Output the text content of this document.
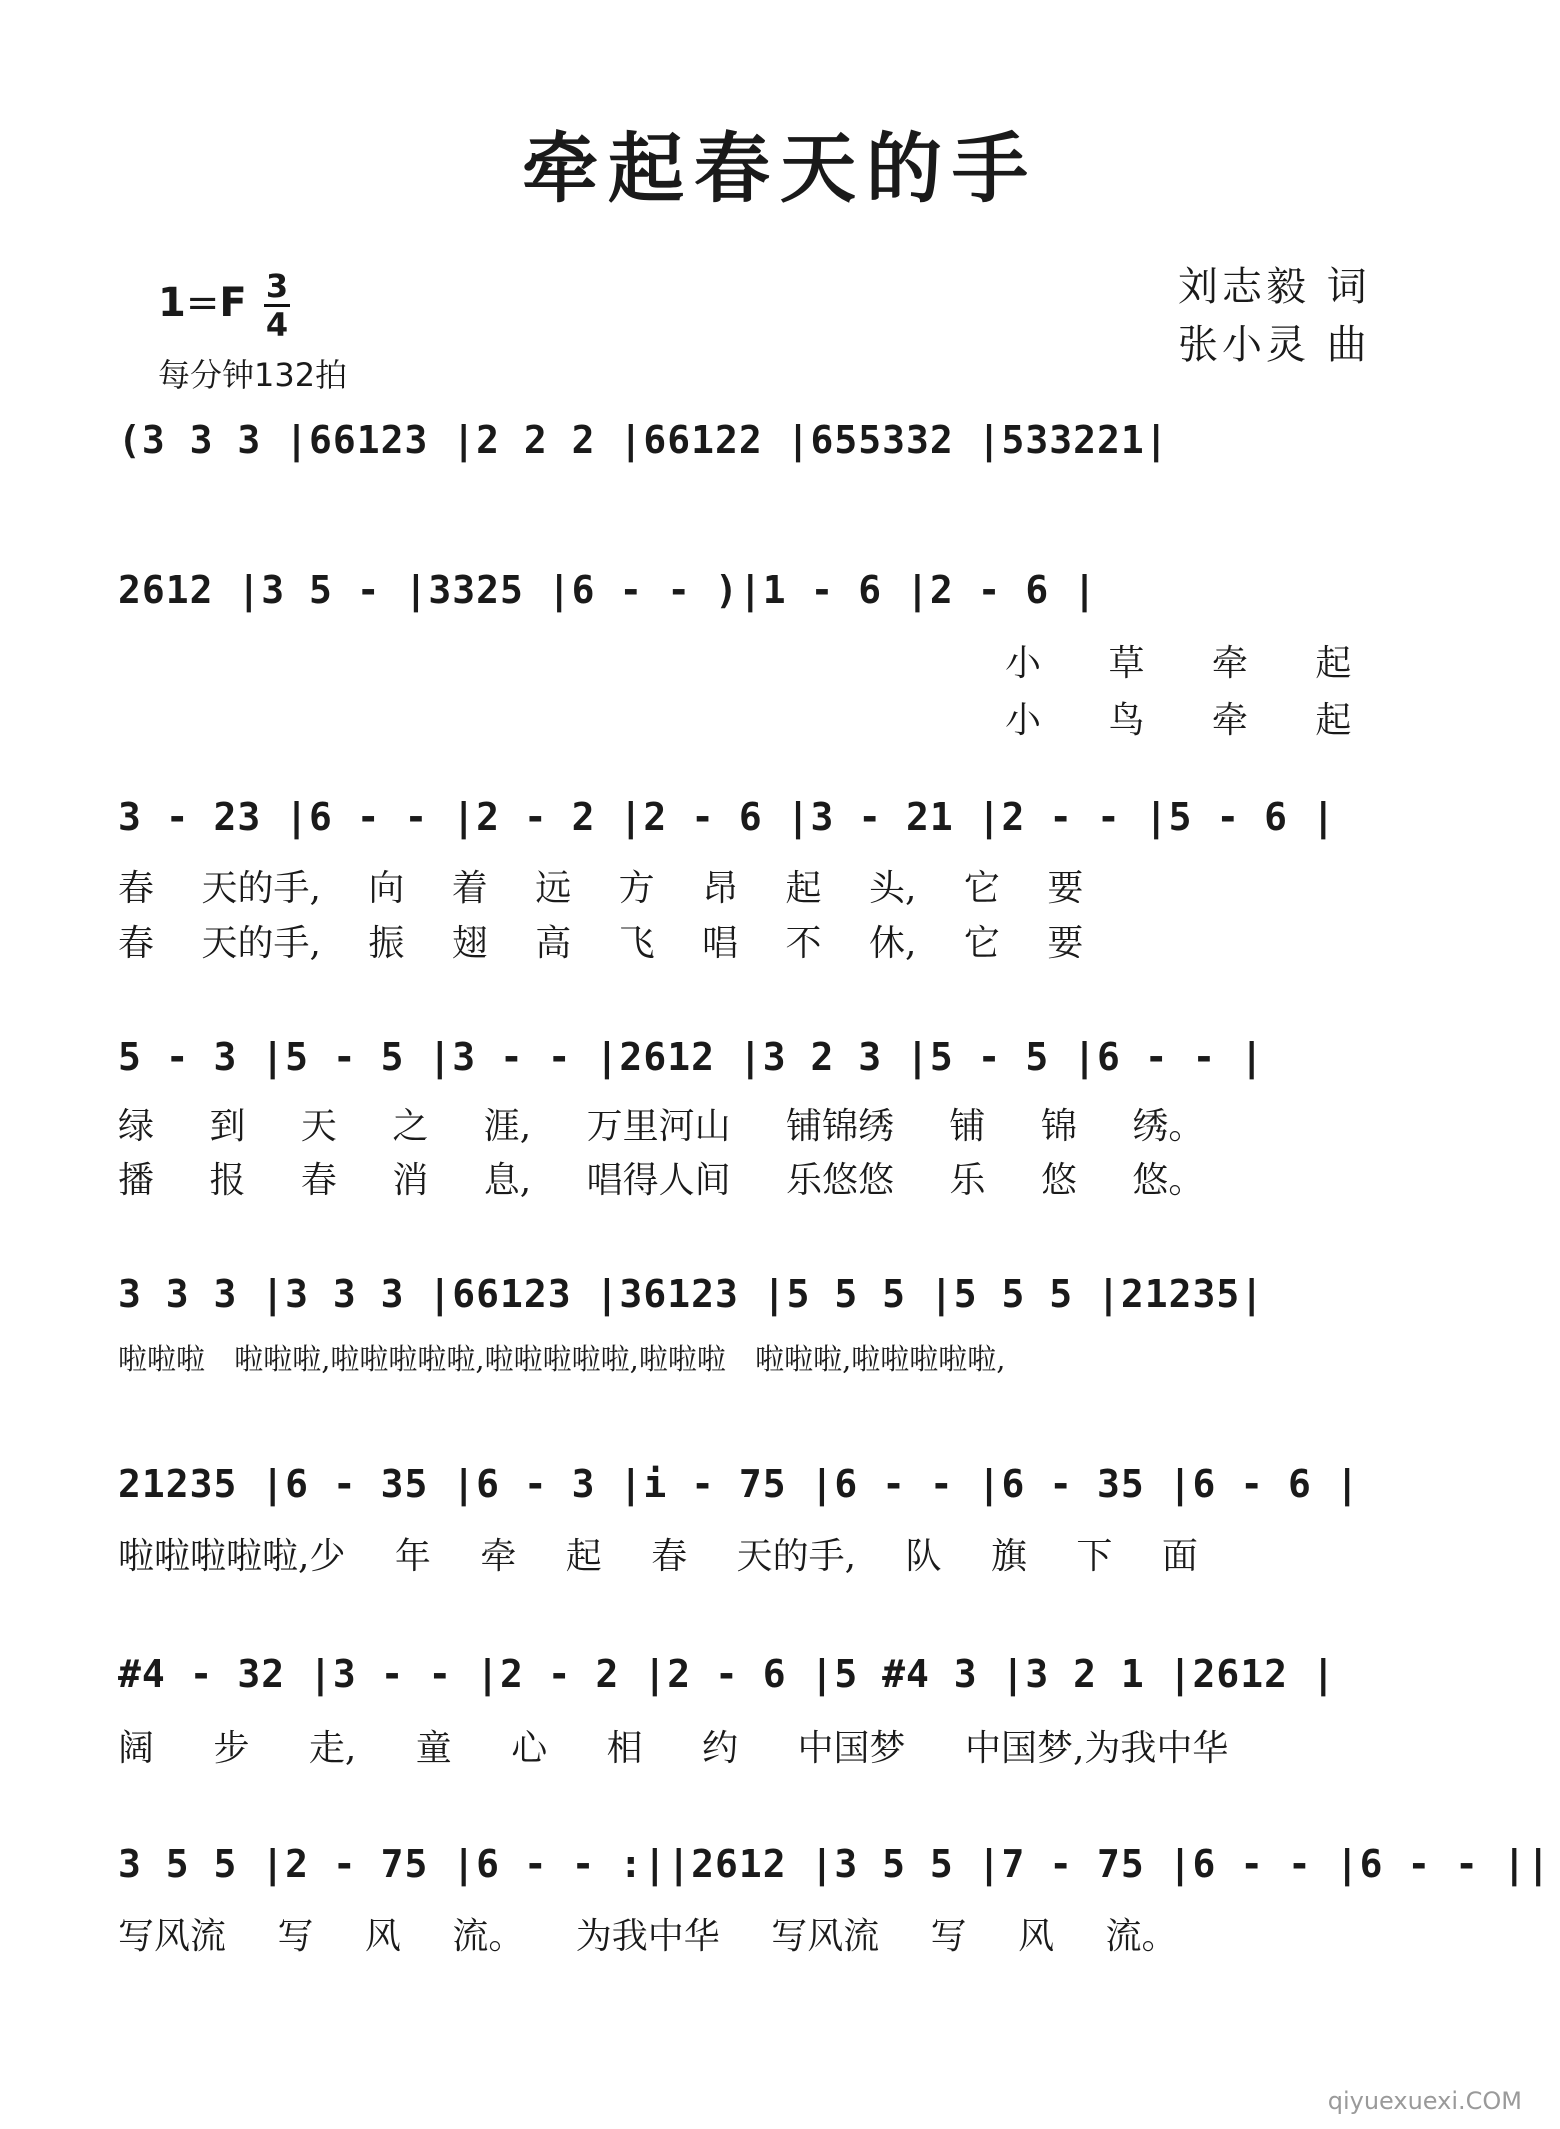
牵起春天的手
1=F 3
4
每分钟132拍
刘志毅 词
张小灵 曲
(3 3 3 |66123 |2 2 2 |66122 |655332 |533221|
2612 |3 5 - |3325 |6 - - )|1 - 6 |2 - 6 |
小 草 牵 起
小 鸟 牵 起
3 - 23 |6 - - |2 - 2 |2 - 6 |3 - 21 |2 - - |5 - 6 |
春 天的手, 向 着 远 方 昂 起 头, 它 要
春 天的手, 振 翅 高 飞 唱 不 休, 它 要
5 - 3 |5 - 5 |3 - - |2612 |3 2 3 |5 - 5 |6 - - |
绿 到 天 之 涯, 万里河山 铺锦绣 铺 锦 绣。
播 报 春 消 息, 唱得人间 乐悠悠 乐 悠 悠。
3 3 3 |3 3 3 |66123 |36123 |5 5 5 |5 5 5 |21235|
啦啦啦 啦啦啦,啦啦啦啦啦,啦啦啦啦啦,啦啦啦 啦啦啦,啦啦啦啦啦,
21235 |6 - 35 |6 - 3 |i - 75 |6 - - |6 - 35 |6 - 6 |
啦啦啦啦啦,少 年 牵 起 春 天的手, 队 旗 下 面
#4 - 32 |3 - - |2 - 2 |2 - 6 |5 #4 3 |3 2 1 |2612 |
阔 步 走, 童 心 相 约 中国梦 中国梦,为我中华
3 5 5 |2 - 75 |6 - - :||2612 |3 5 5 |7 - 75 |6 - - |6 - - ||
写风流 写 风 流。 为我中华 写风流 写 风 流。
qiyuexuexi.COM
